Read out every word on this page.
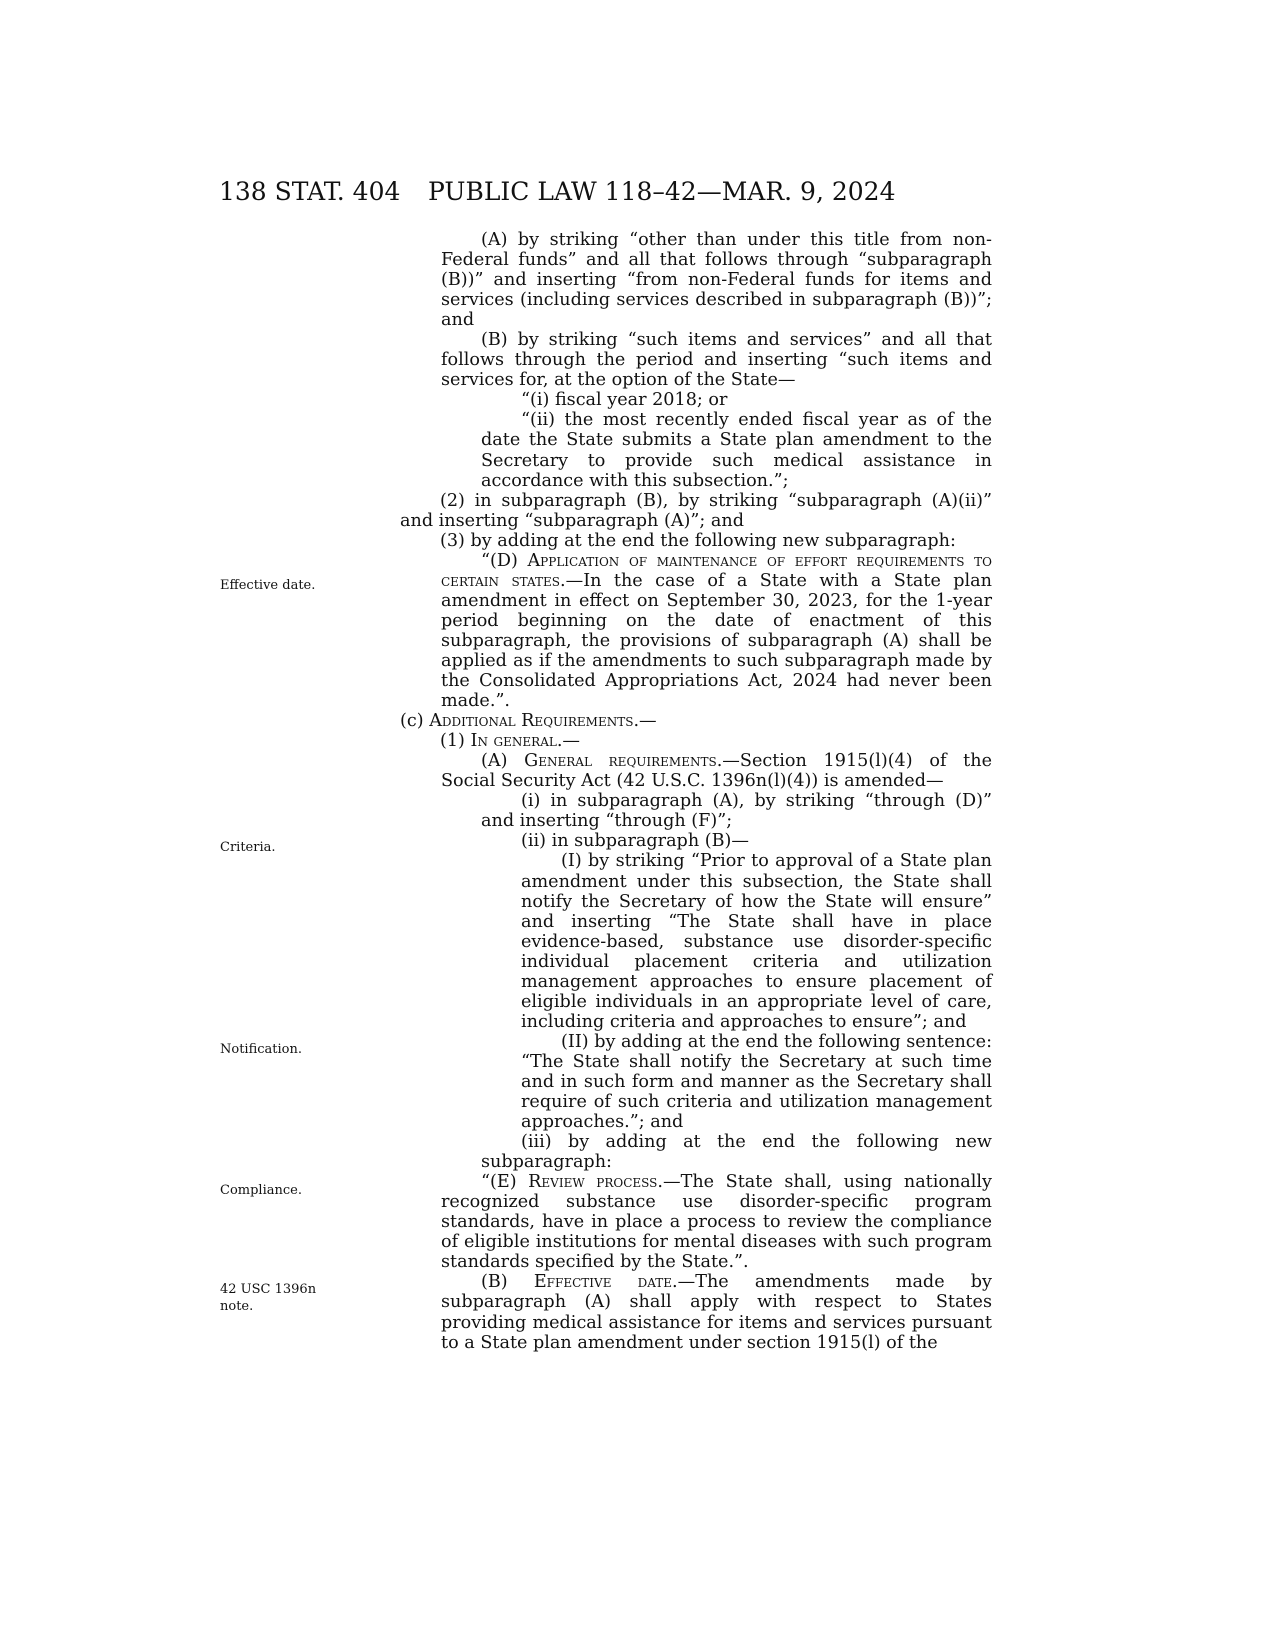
138 STAT. 404 PUBLIC LAW 118–42—MAR. 9, 2024
Effective date.
Criteria.
Notification.
Compliance.
42 USC 1396n
note.

(A) by striking “other than under this title from non-Federal funds” and all that follows through “subparagraph (B))” and inserting “from non-Federal funds for items and services (including services described in subparagraph (B))”; and

(B) by striking “such items and services” and all that follows through the period and inserting “such items and services for, at the option of the State—

“(i) fiscal year 2018; or

“(ii) the most recently ended fiscal year as of the date the State submits a State plan amendment to the Secretary to provide such medical assistance in accordance with this subsection.”;

(2) in subparagraph (B), by striking “subparagraph (A)(ii)” and inserting “subparagraph (A)”; and

(3) by adding at the end the following new subparagraph:

“(D) Application of maintenance of effort requirements to certain states.—In the case of a State with a State plan amendment in effect on September 30, 2023, for the 1-year period beginning on the date of enactment of this subparagraph, the provisions of subparagraph (A) shall be applied as if the amendments to such subparagraph made by the Consolidated Appropriations Act, 2024 had never been made.”.

(c) Additional Requirements.—

(1) In general.—

(A) General requirements.—Section 1915(l)(4) of the Social Security Act (42 U.S.C. 1396n(l)(4)) is amended—

(i) in subparagraph (A), by striking “through (D)” and inserting “through (F)”;

(ii) in subparagraph (B)—

(I) by striking “Prior to approval of a State plan amendment under this subsection, the State shall notify the Secretary of how the State will ensure” and inserting “The State shall have in place evidence-based, substance use disorder-specific individual placement criteria and utilization management approaches to ensure placement of eligible individuals in an appropriate level of care, including criteria and approaches to ensure”; and

(II) by adding at the end the following sentence: “The State shall notify the Secretary at such time and in such form and manner as the Secretary shall require of such criteria and utilization management approaches.”; and

(iii) by adding at the end the following new subparagraph:

“(E) Review process.—The State shall, using nationally recognized substance use disorder-specific program standards, have in place a process to review the compliance of eligible institutions for mental diseases with such program standards specified by the State.”.

(B) Effective date.—The amendments made by subparagraph (A) shall apply with respect to States providing medical assistance for items and services pursuant to a State plan amendment under section 1915(l) of the
